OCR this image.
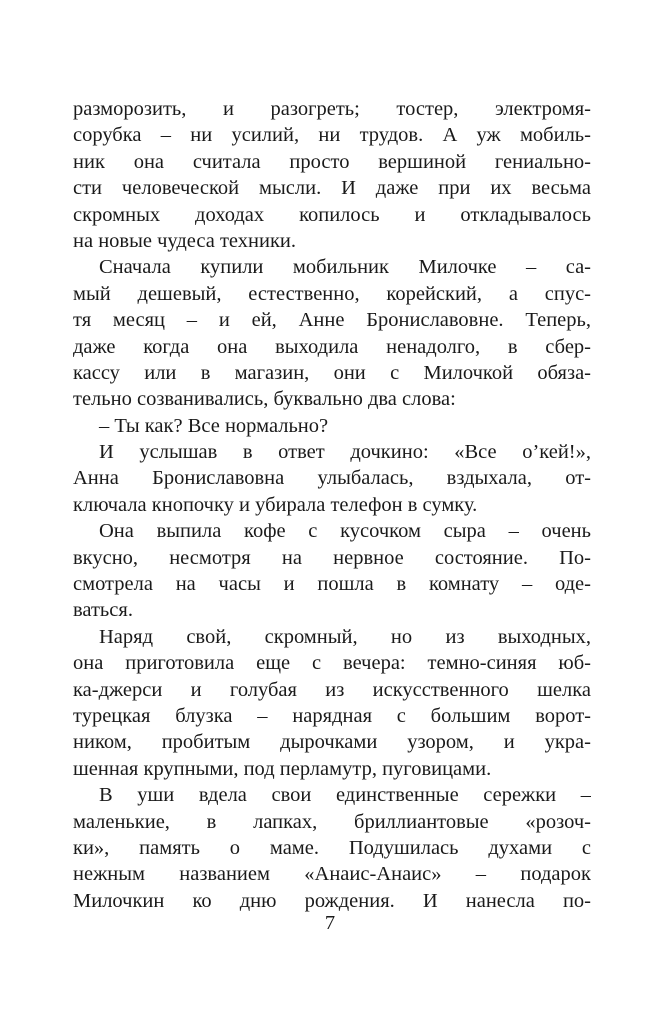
разморозить, и разогреть; тостер, электромя-
сорубка – ни усилий, ни трудов. А уж мобиль-
ник она считала просто вершиной гениально-
сти человеческой мысли. И даже при их весьма
скромных доходах копилось и откладывалось
на новые чудеса техники.
Сначала купили мобильник Милочке – са-
мый дешевый, естественно, корейский, а спус-
тя месяц – и ей, Анне Брониславовне. Теперь,
даже когда она выходила ненадолго, в сбер-
кассу или в магазин, они с Милочкой обяза-
тельно созванивались, буквально два слова:
– Ты как? Все нормально?
И услышав в ответ дочкино: «Все о’кей!»,
Анна Брониславовна улыбалась, вздыхала, от-
ключала кнопочку и убирала телефон в сумку.
Она выпила кофе с кусочком сыра – очень
вкусно, несмотря на нервное состояние. По-
смотрела на часы и пошла в комнату – оде-
ваться.
Наряд свой, скромный, но из выходных,
она приготовила еще с вечера: темно-синяя юб-
ка-джерси и голубая из искусственного шелка
турецкая блузка – нарядная с большим ворот-
ником, пробитым дырочками узором, и укра-
шенная крупными, под перламутр, пуговицами.
В уши вдела свои единственные сережки –
маленькие, в лапках, бриллиантовые «розоч-
ки», память о маме. Подушилась духами с
нежным названием «Анаис-Анаис» – подарок
Милочкин ко дню рождения. И нанесла по-
7
